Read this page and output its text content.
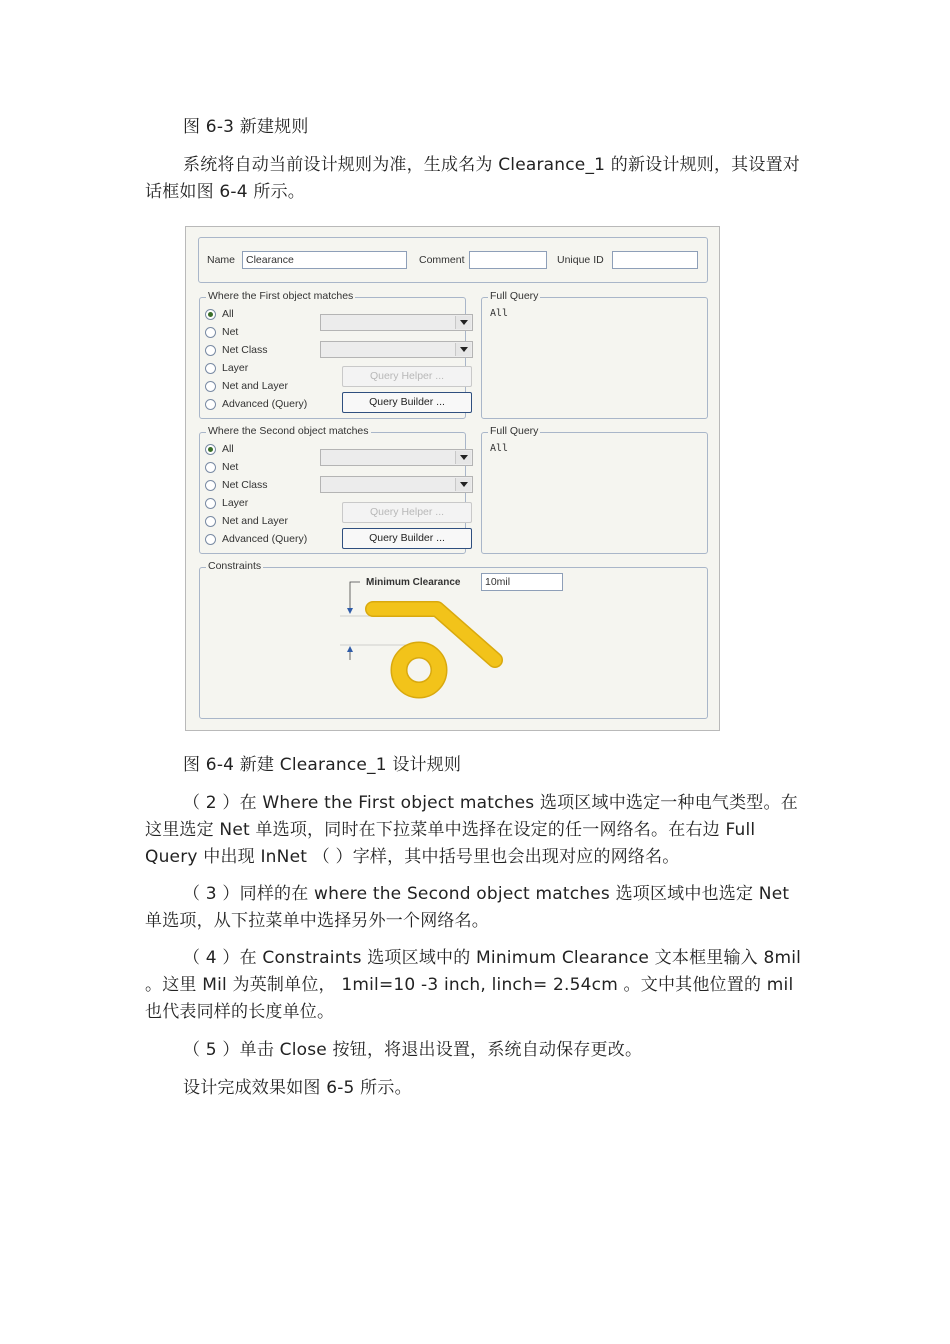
图 6-3 新建规则

系统将自动当前设计规则为准，生成名为 Clearance_1 的新设计规则，其设置对话框如图 6-4 所示。

Name	Clearance	Comment	Unique ID
Where the First object matches
All
Net
Net Class
Layer
Net and Layer
Advanced (Query)
Query Helper ...
Query Builder ...
Full Query
All
Where the Second object matches
All
Net
Net Class
Layer
Net and Layer
Advanced (Query)
Query Helper ...
Query Builder ...
Full Query
All
Constraints
Minimum Clearance	10mil

图 6-4 新建 Clearance_1 设计规则

（ 2 ）在 Where the First object matches 选项区域中选定一种电气类型。在这里选定 Net 单选项，同时在下拉菜单中选择在设定的任一网络名。在右边 Full Query 中出现 InNet （ ）字样，其中括号里也会出现对应的网络名。

（ 3 ）同样的在 where the Second object matches 选项区域中也选定 Net 单选项，从下拉菜单中选择另外一个网络名。

（ 4 ）在 Constraints 选项区域中的 Minimum Clearance 文本框里输入 8mil 。这里 Mil 为英制单位， 1mil=10 -3 inch, linch= 2.54cm 。文中其他位置的 mil 也代表同样的长度单位。

（ 5 ）单击 Close 按钮，将退出设置，系统自动保存更改。

设计完成效果如图 6-5 所示。
